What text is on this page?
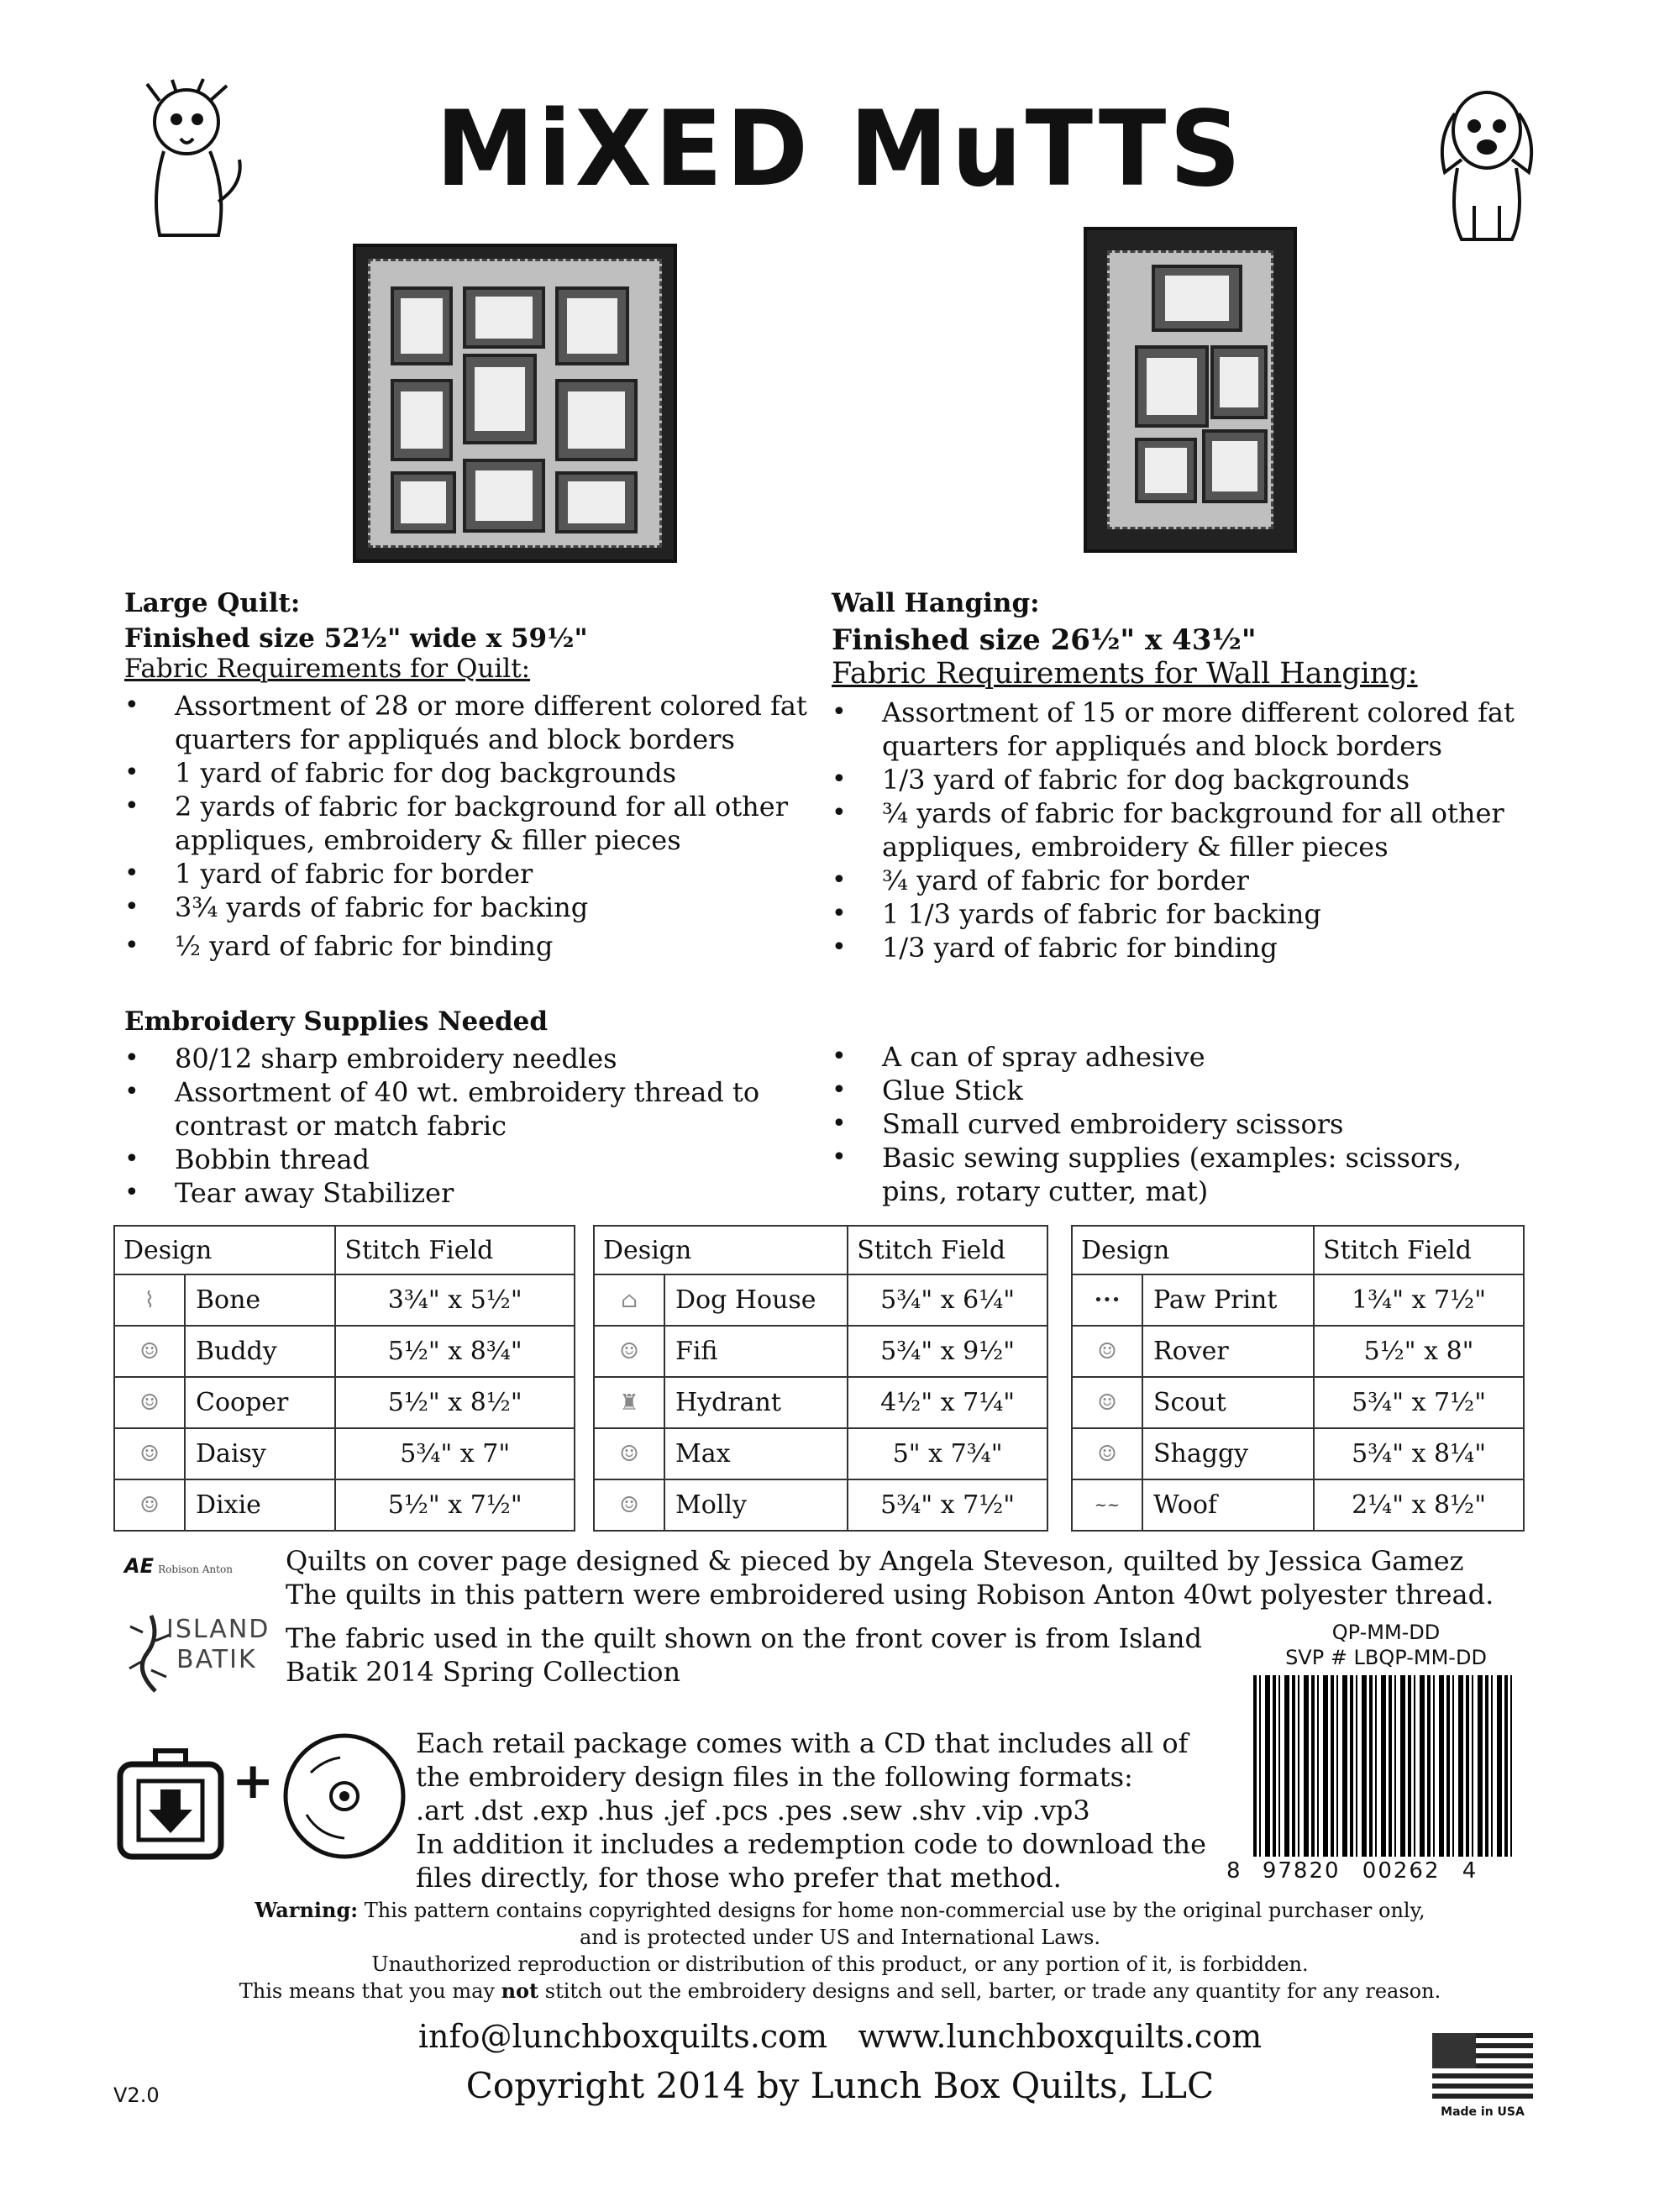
MiXED MuTTS
Large Quilt:
Finished size 52½" wide x 59½"
Fabric Requirements for Quilt:
• Assortment of 28 or more different colored fat quarters for appliqués and block borders
• 1 yard of fabric for dog backgrounds
• 2 yards of fabric for background for all other appliques, embroidery & filler pieces
• 1 yard of fabric for border
• 3¾ yards of fabric for backing
• ½ yard of fabric for binding
Wall Hanging:
Finished size 26½" x 43½"
Fabric Requirements for Wall Hanging:
• Assortment of 15 or more different colored fat quarters for appliqués and block borders
• 1/3 yard of fabric for dog backgrounds
• ¾ yards of fabric for background for all other appliques, embroidery & filler pieces
• ¾ yard of fabric for border
• 1 1/3 yards of fabric for backing
• 1/3 yard of fabric for binding
Embroidery Supplies Needed
• 80/12 sharp embroidery needles
• Assortment of 40 wt. embroidery thread to contrast or match fabric
• Bobbin thread
• Tear away Stabilizer
• A can of spray adhesive
• Glue Stick
• Small curved embroidery scissors
• Basic sewing supplies (examples: scissors, pins, rotary cutter, mat)
Design		Stitch Field
⌇	Bone	3¾" x 5½"
☺	Buddy	5½" x 8¾"
☺	Cooper	5½" x 8½"
☺	Daisy	5¾" x 7"
☺	Dixie	5½" x 7½"
Design		Stitch Field
⌂	Dog House	5¾" x 6¼"
☺	Fifi	5¾" x 9½"
♜	Hydrant	4½" x 7¼"
☺	Max	5" x 7¾"
☺	Molly	5¾" x 7½"
Design		Stitch Field
•••	Paw Print	1¾" x 7½"
☺	Rover	5½" x 8"
☺	Scout	5¾" x 7½"
☺	Shaggy	5¾" x 8¼"
~~	Woof	2¼" x 8½"
AE Robison Anton	Quilts on cover page designed & pieced by Angela Steveson, quilted by Jessica Gamez
The quilts in this pattern were embroidered using Robison Anton 40wt polyester thread.
ISLAND
BATIK
The fabric used in the quilt shown on the front cover is from Island
Batik 2014 Spring Collection
QP-MM-DD
SVP # LBQP-MM-DD
8 97820 00262 4
+
Each retail package comes with a CD that includes all of
the embroidery design files in the following formats:
.art .dst .exp .hus .jef .pcs .pes .sew .shv .vip .vp3
In addition it includes a redemption code to download the
files directly, for those who prefer that method.
Warning: This pattern contains copyrighted designs for home non-commercial use by the original purchaser only,
and is protected under US and International Laws.
Unauthorized reproduction or distribution of this product, or any portion of it, is forbidden.
This means that you may not stitch out the embroidery designs and sell, barter, or trade any quantity for any reason.
info@lunchboxquilts.com   www.lunchboxquilts.com
Copyright 2014 by Lunch Box Quilts, LLC
V2.0
Made in USA
